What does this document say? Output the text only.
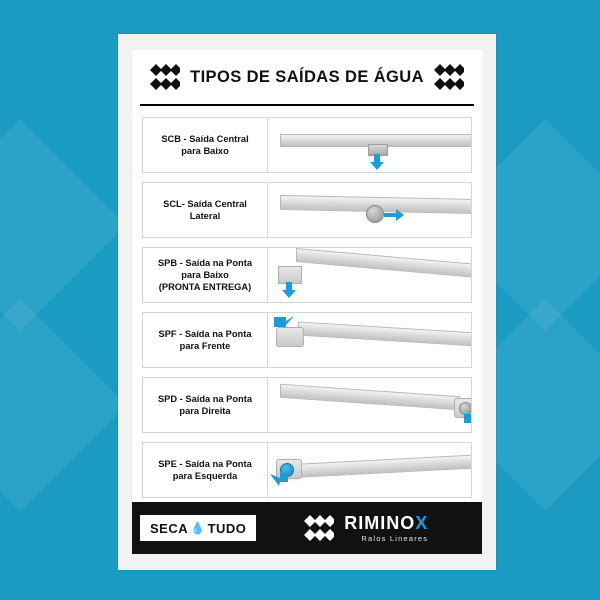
TIPOS DE SAÍDAS DE ÁGUA
SCB - Saída Central
para Baixo
SCL- Saída Central
Lateral
SPB - Saída na Ponta
para Baixo
(PRONTA ENTREGA)
SPF - Saída na Ponta
para Frente
SPD - Saída na Ponta
para Direita
SPE - Saída na Ponta
para Esquerda
SECA 💧 TUDO	RIMINOX
Ralos Lineares
